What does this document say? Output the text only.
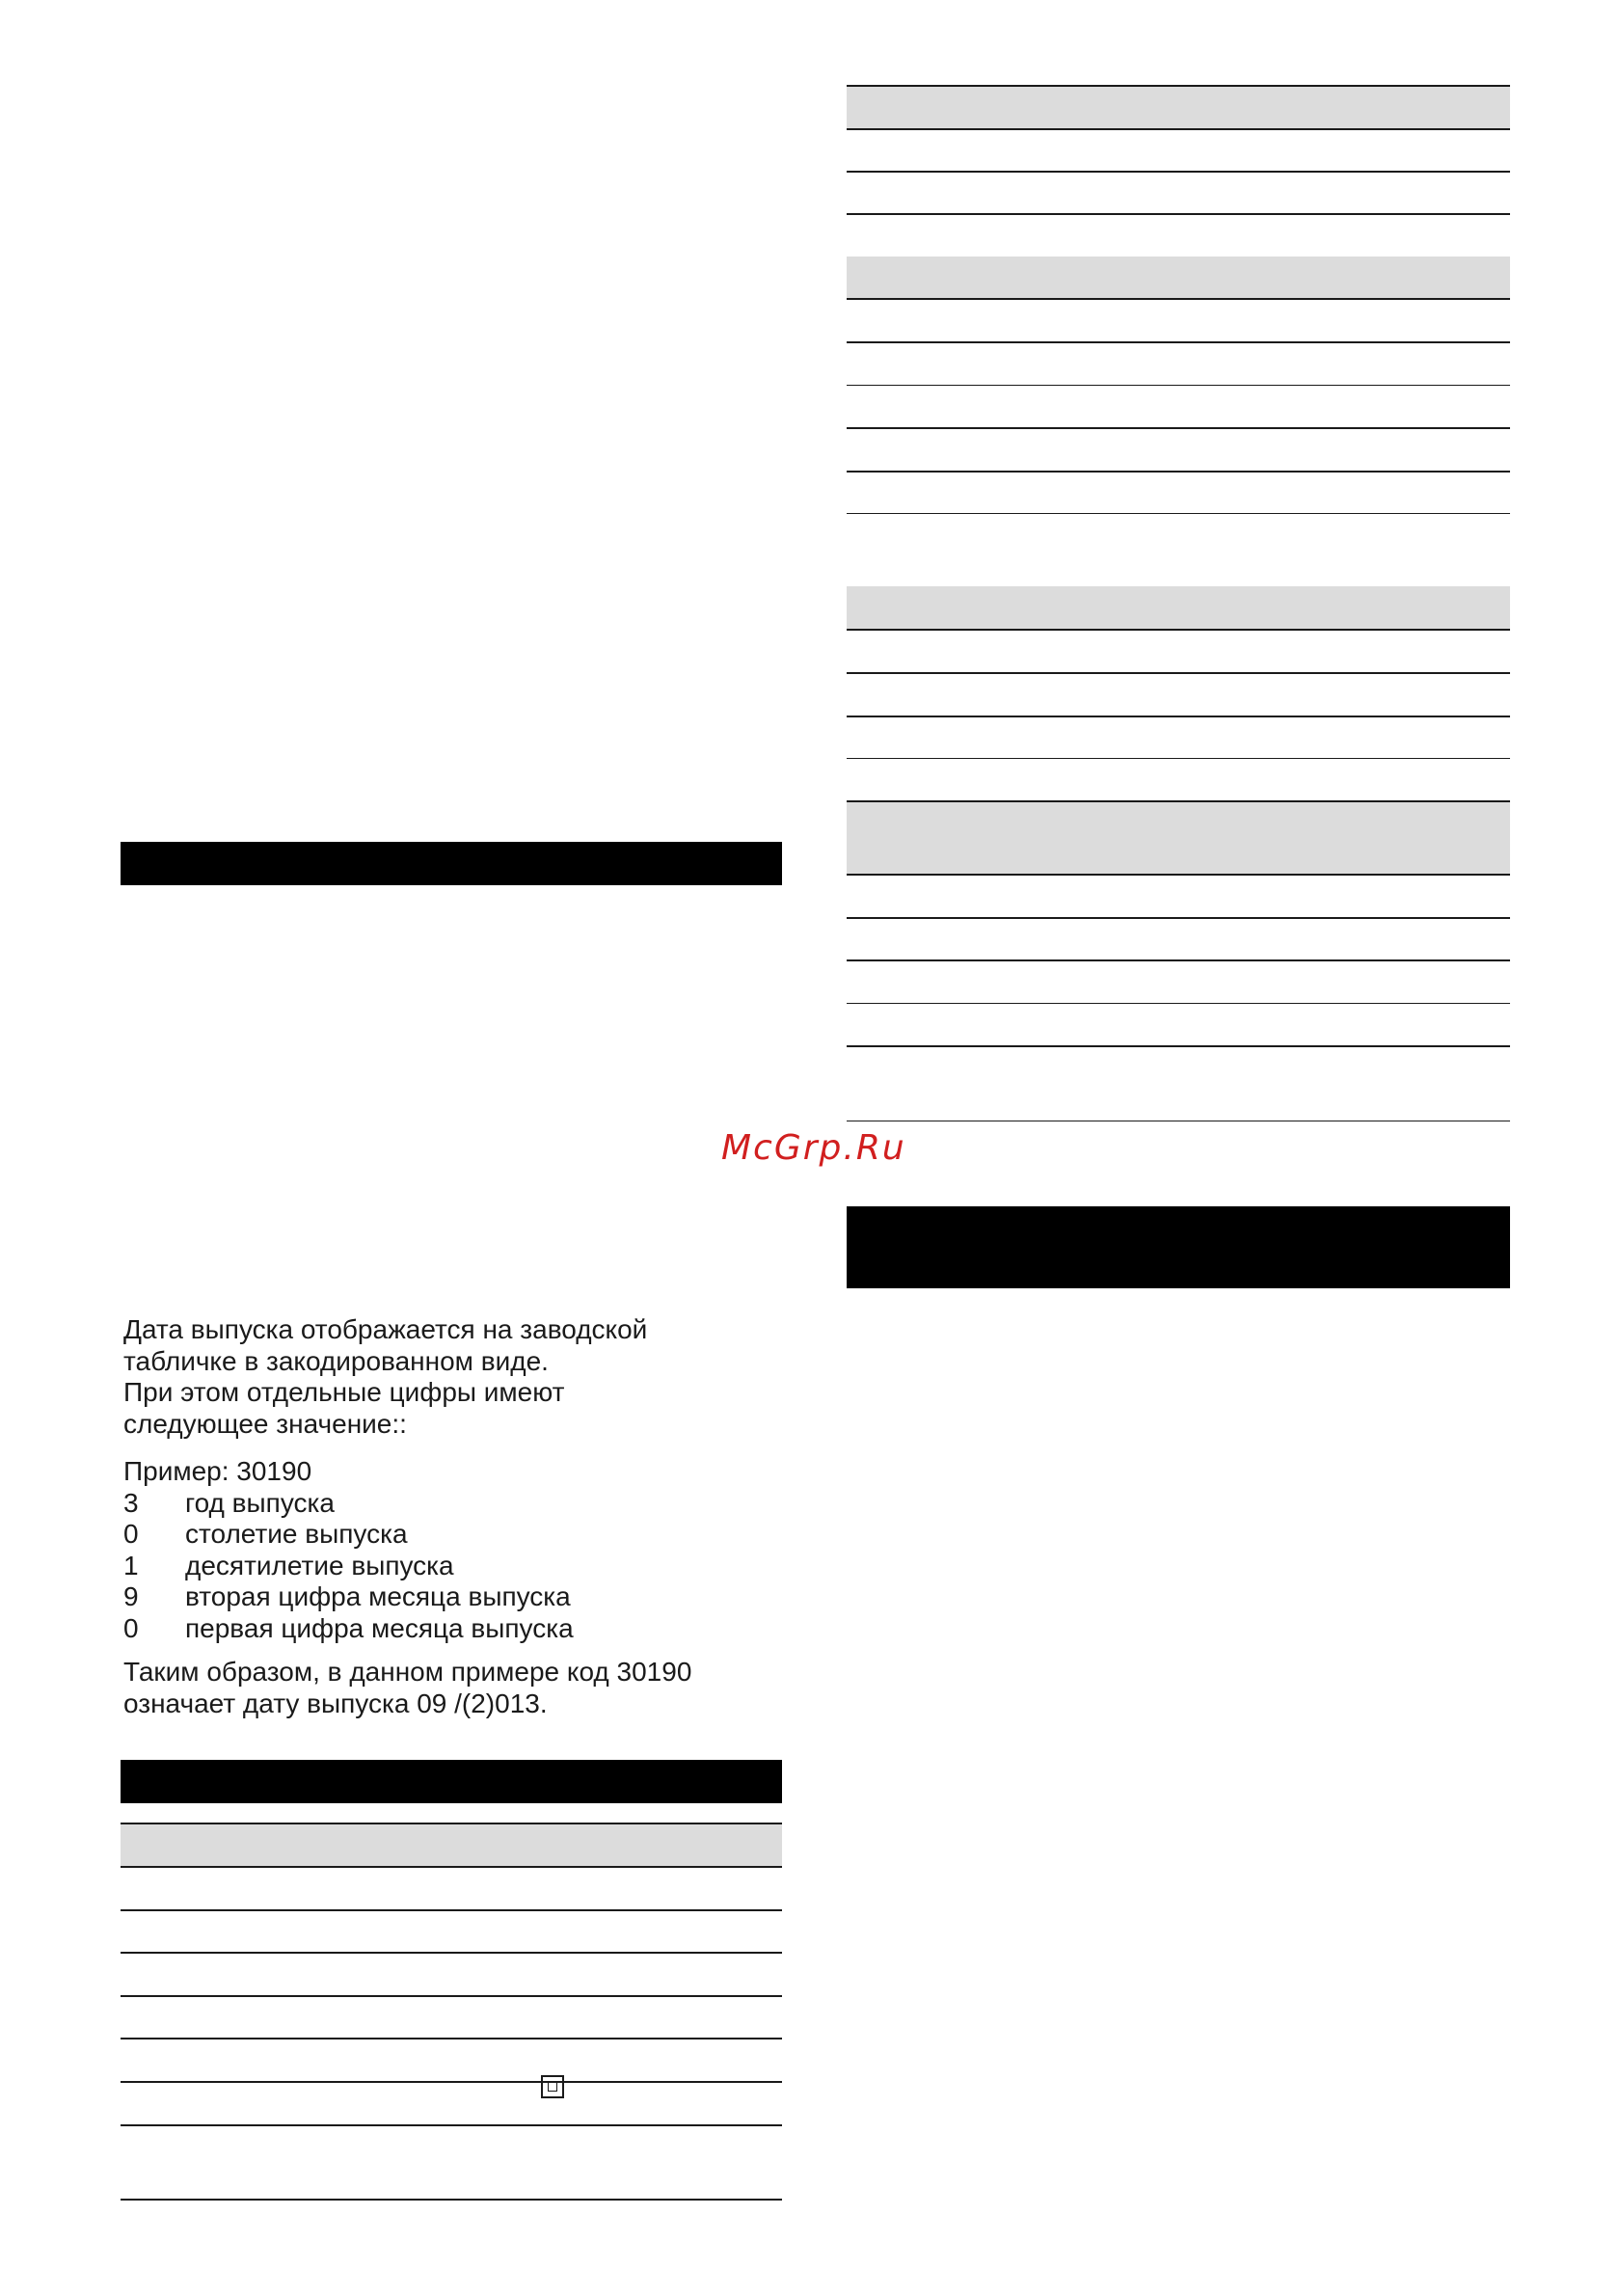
McGrp.Ru

Дата выпуска отображается на заводской

табличке в закодированном виде.

При этом отдельные цифры имеют

следующее значение::

Пример: 30190
3	год выпуска
0	столетие выпуска
1	десятилетие выпуска
9	вторая цифра месяца выпуска
0	первая цифра месяца выпуска

Таким образом, в данном примере код 30190

означает дату выпуска 09 /(2)013.
